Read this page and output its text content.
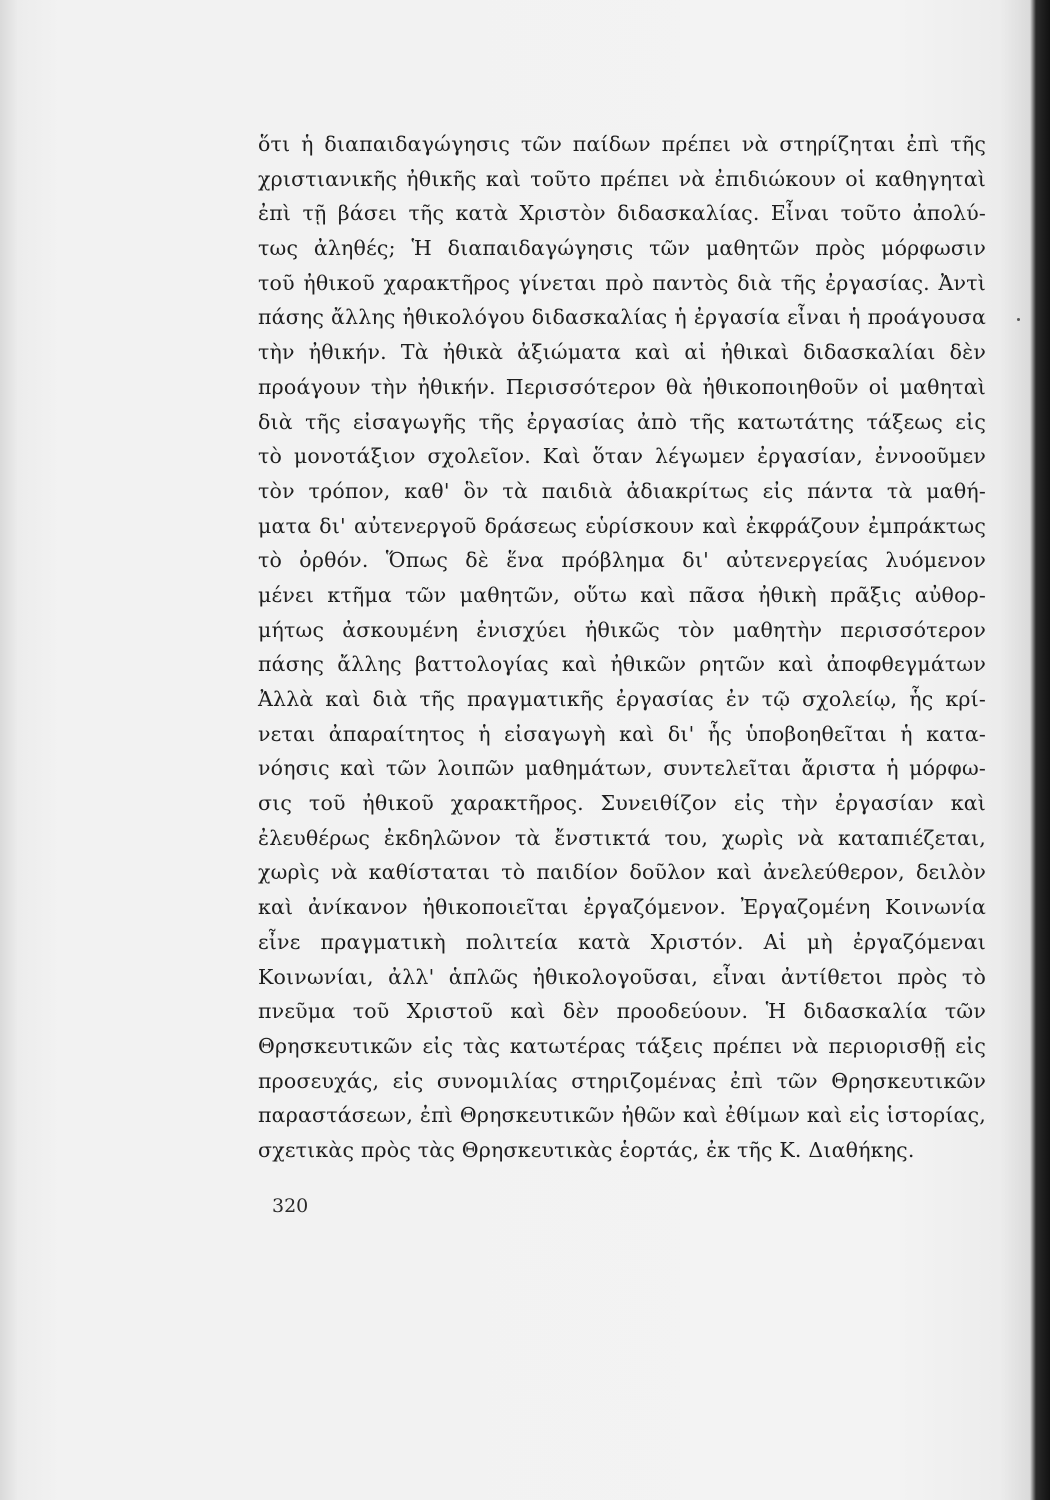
ὅτι ἡ διαπαιδαγώγησις τῶν παίδων πρέπει νὰ στηρίζηται ἐπὶ τῆς
χριστιανικῆς ἠθικῆς καὶ τοῦτο πρέπει νὰ ἐπιδιώκουν οἱ καθηγηταὶ
ἐπὶ τῇ βάσει τῆς κατὰ Χριστὸν διδασκαλίας. Εἶναι τοῦτο ἀπολύ-
τως ἀληθές; Ἡ διαπαιδαγώγησις τῶν μαθητῶν πρὸς μόρφωσιν
τοῦ ἠθικοῦ χαρακτῆρος γίνεται πρὸ παντὸς διὰ τῆς ἐργασίας. Ἀντὶ
πάσης ἄλλης ἠθικολόγου διδασκαλίας ἡ ἐργασία εἶναι ἡ προάγουσα
τὴν ἠθικήν. Τὰ ἠθικὰ ἀξιώματα καὶ αἱ ἠθικαὶ διδασκαλίαι δὲν
προάγουν τὴν ἠθικήν. Περισσότερον θὰ ἠθικοποιηθοῦν οἱ μαθηταὶ
διὰ τῆς εἰσαγωγῆς τῆς ἐργασίας ἀπὸ τῆς κατωτάτης τάξεως εἰς
τὸ μονοτάξιον σχολεῖον. Καὶ ὅταν λέγωμεν ἐργασίαν, ἐννοοῦμεν
τὸν τρόπον, καθ' ὃν τὰ παιδιὰ ἀδιακρίτως εἰς πάντα τὰ μαθή-
ματα δι' αὐτενεργοῦ δράσεως εὑρίσκουν καὶ ἐκφράζουν ἐμπράκτως
τὸ ὀρθόν. Ὅπως δὲ ἕνα πρόβλημα δι' αὐτενεργείας λυόμενον
μένει κτῆμα τῶν μαθητῶν, οὕτω καὶ πᾶσα ἠθικὴ πρᾶξις αὐθορ-
μήτως ἀσκουμένη ἐνισχύει ἠθικῶς τὸν μαθητὴν περισσότερον
πάσης ἄλλης βαττολογίας καὶ ἠθικῶν ρητῶν καὶ ἀποφθεγμάτων
Ἀλλὰ καὶ διὰ τῆς πραγματικῆς ἐργασίας ἐν τῷ σχολείῳ, ἧς κρί-
νεται ἀπαραίτητος ἡ εἰσαγωγὴ καὶ δι' ἧς ὑποβοηθεῖται ἡ κατα-
νόησις καὶ τῶν λοιπῶν μαθημάτων, συντελεῖται ἄριστα ἡ μόρφω-
σις τοῦ ἠθικοῦ χαρακτῆρος. Συνειθίζον εἰς τὴν ἐργασίαν καὶ
ἐλευθέρως ἐκδηλῶνον τὰ ἔνστικτά του, χωρὶς νὰ καταπιέζεται,
χωρὶς νὰ καθίσταται τὸ παιδίον δοῦλον καὶ ἀνελεύθερον, δειλὸν
καὶ ἀνίκανον ἠθικοποιεῖται ἐργαζόμενον. Ἐργαζομένη Κοινωνία
εἶνε πραγματικὴ πολιτεία κατὰ Χριστόν. Αἱ μὴ ἐργαζόμεναι
Κοινωνίαι, ἀλλ' ἁπλῶς ἠθικολογοῦσαι, εἶναι ἀντίθετοι πρὸς τὸ
πνεῦμα τοῦ Χριστοῦ καὶ δὲν προοδεύουν. Ἡ διδασκαλία τῶν
Θρησκευτικῶν εἰς τὰς κατωτέρας τάξεις πρέπει νὰ περιορισθῇ εἰς
προσευχάς, εἰς συνομιλίας στηριζομένας ἐπὶ τῶν Θρησκευτικῶν
παραστάσεων, ἐπὶ Θρησκευτικῶν ἠθῶν καὶ ἐθίμων καὶ εἰς ἱστορίας,
σχετικὰς πρὸς τὰς Θρησκευτικὰς ἑορτάς, ἐκ τῆς Κ. Διαθήκης.
320
